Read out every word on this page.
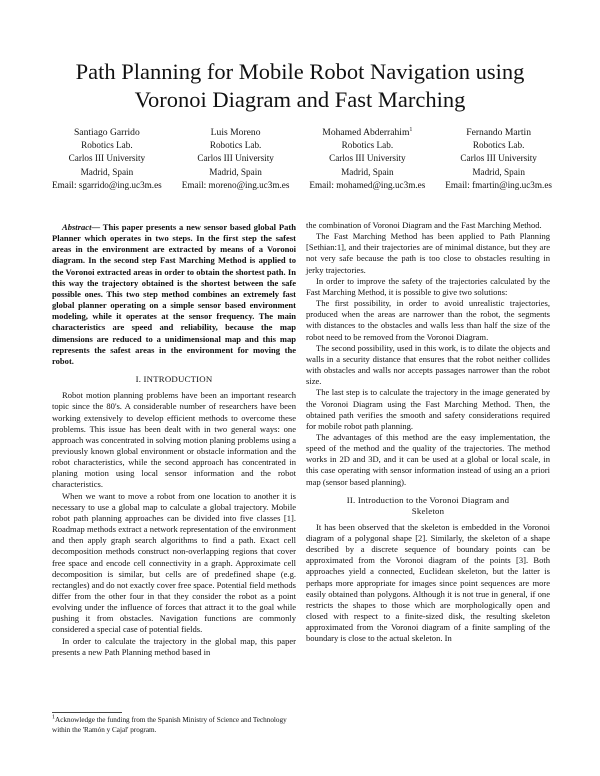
Path Planning for Mobile Robot Navigation using
Voronoi Diagram and Fast Marching
Santiago Garrido
Robotics Lab.
Carlos III University
Madrid, Spain
Email: sgarrido@ing.uc3m.es
Luis Moreno
Robotics Lab.
Carlos III University
Madrid, Spain
Email: moreno@ing.uc3m.es
Mohamed Abderrahim$^1$
Robotics Lab.
Carlos III University
Madrid, Spain
Email: mohamed@ing.uc3m.es
Fernando Martin
Robotics Lab.
Carlos III University
Madrid, Spain
Email: fmartin@ing.uc3m.es

Abstract— This paper presents a new sensor based global Path Planner which operates in two steps. In the first step the safest areas in the environment are extracted by means of a Voronoi diagram. In the second step Fast Marching Method is applied to the Voronoi extracted areas in order to obtain the shortest path. In this way the trajectory obtained is the shortest between the safe possible ones. This two step method combines an extremely fast global planner operating on a simple sensor based environment modeling, while it operates at the sensor frequency. The main characteristics are speed and reliability, because the map dimensions are reduced to a unidimensional map and this map represents the safest areas in the environment for moving the robot.

I. INTRODUCTION

Robot motion planning problems have been an important research topic since the 80's. A considerable number of researchers have been working extensively to develop efficient methods to overcome these problems. This issue has been dealt with in two general ways: one approach was concentrated in solving motion planing problems using a previously known global environment or obstacle information and the robot characteristics, while the second approach has concentrated in planing motion using local sensor information and the robot characteristics.

When we want to move a robot from one location to another it is necessary to use a global map to calculate a global trajectory. Mobile robot path planning approaches can be divided into five classes [1]. Roadmap methods extract a network representation of the environment and then apply graph search algorithms to find a path. Exact cell decomposition methods construct non-overlapping regions that cover free space and encode cell connectivity in a graph. Approximate cell decomposition is similar, but cells are of predefined shape (e.g. rectangles) and do not exactly cover free space. Potential field methods differ from the other four in that they consider the robot as a point evolving under the influence of forces that attract it to the goal while pushing it from obstacles. Navigation functions are commonly considered a special case of potential fields.

In order to calculate the trajectory in the global map, this paper presents a new Path Planning method based in

the combination of Voronoi Diagram and the Fast Marching Method.

The Fast Marching Method has been applied to Path Planning [Sethian:1], and their trajectories are of minimal distance, but they are not very safe because the path is too close to obstacles resulting in jerky trajectories.

In order to improve the safety of the trajectories calculated by the Fast Marching Method, it is possible to give two solutions:

The first possibility, in order to avoid unrealistic trajectories, produced when the areas are narrower than the robot, the segments with distances to the obstacles and walls less than half the size of the robot need to be removed from the Voronoi Diagram.

The second possibility, used in this work, is to dilate the objects and walls in a security distance that ensures that the robot neither collides with obstacles and walls nor accepts passages narrower than the robot size.

The last step is to calculate the trajectory in the image generated by the Voronoi Diagram using the Fast Marching Method. Then, the obtained path verifies the smooth and safety considerations required for mobile robot path planning.

The advantages of this method are the easy implementation, the speed of the method and the quality of the trajectories. The method works in 2D and 3D, and it can be used at a global or local scale, in this case operating with sensor information instead of using an a priori map (sensor based planning).

II. Introduction to the Voronoi Diagram and
Skeleton

It has been observed that the skeleton is embedded in the Voronoi diagram of a polygonal shape [2]. Similarly, the skeleton of a shape described by a discrete sequence of boundary points can be approximated from the Voronoi diagram of the points [3]. Both approaches yield a connected, Euclidean skeleton, but the latter is perhaps more appropriate for images since point sequences are more easily obtained than polygons. Although it is not true in general, if one restricts the shapes to those which are morphologically open and closed with respect to a finite-sized disk, the resulting skeleton approximated from the Voronoi diagram of a finite sampling of the boundary is close to the actual skeleton. In

$^1$Acknowledge the funding from the Spanish Ministry of Science and Technology within the 'Ramón y Cajal' program.
